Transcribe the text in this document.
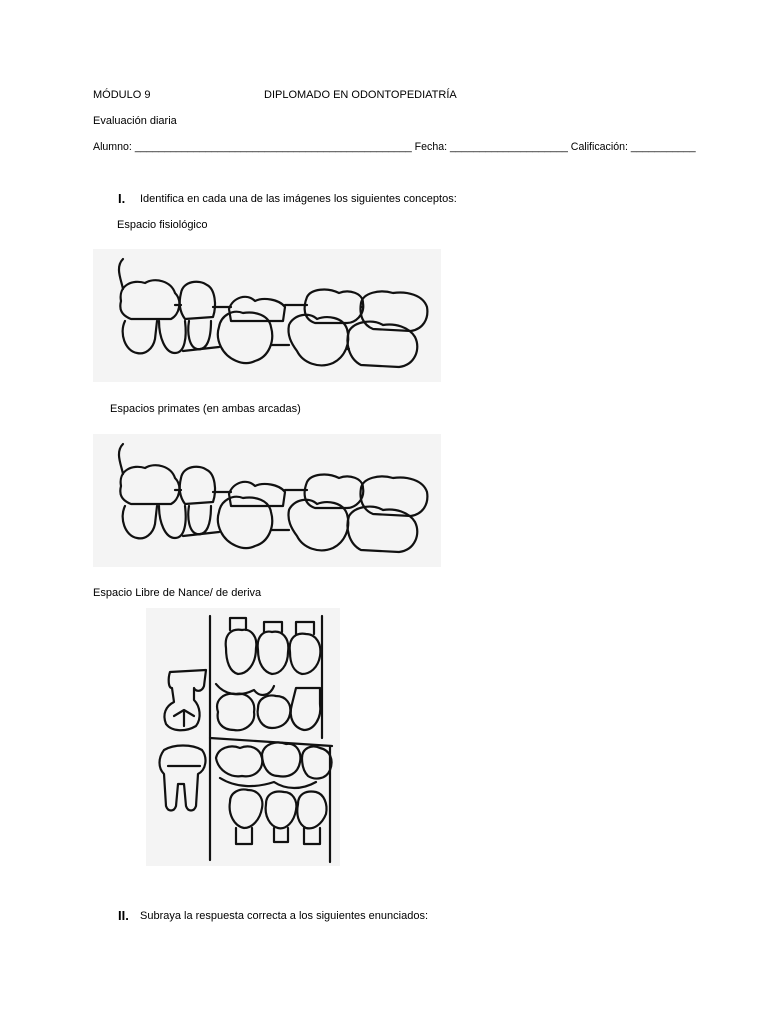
MÓDULO 9	DIPLOMADO EN ODONTOPEDIATRÍA
Evaluación diaria
Alumno: _______________________________________________ Fecha: ____________________ Calificación: ___________
I. Identifica en cada una de las imágenes los siguientes conceptos:
Espacio fisiológico
Espacios primates (en ambas arcadas)
Espacio Libre de Nance/ de deriva
II. Subraya la respuesta correcta a los siguientes enunciados:
